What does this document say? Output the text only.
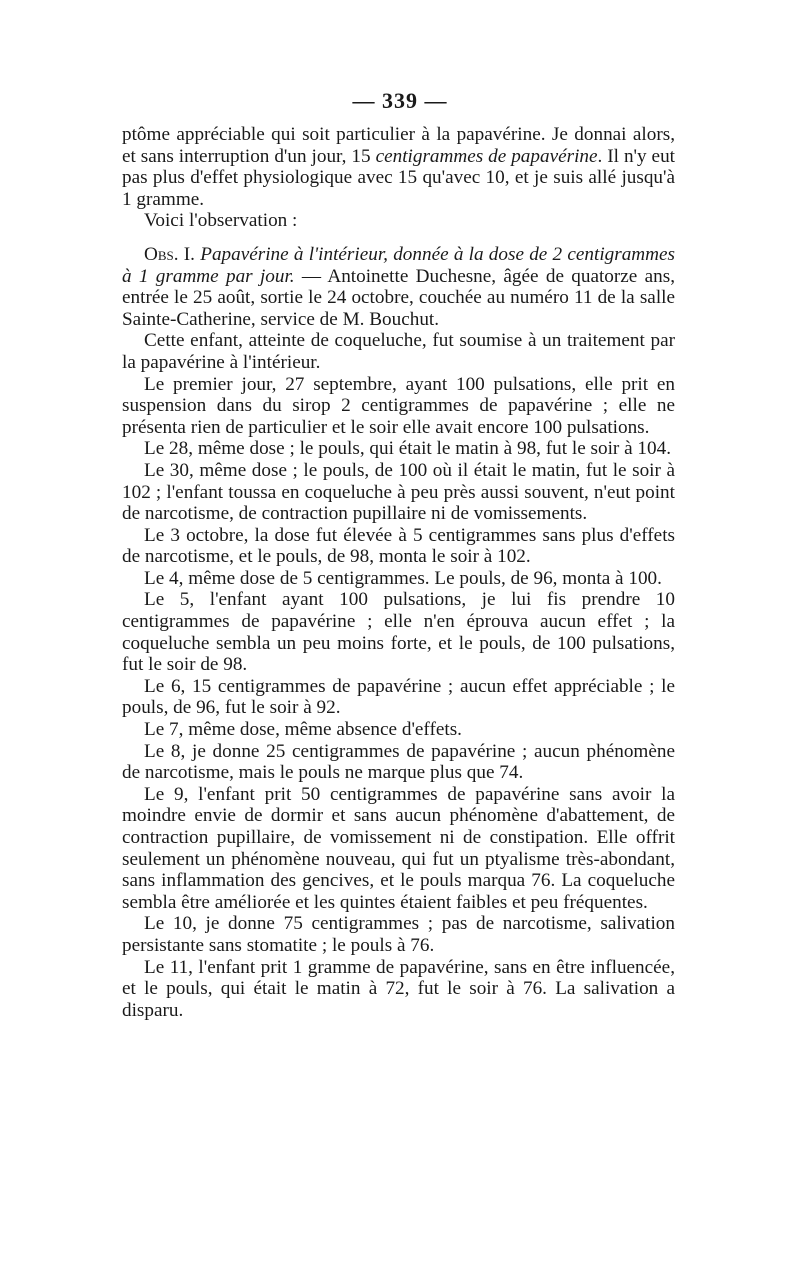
— 339 —

ptôme appréciable qui soit particulier à la papavérine. Je donnai alors, et sans interruption d'un jour, 15 centigrammes de papavérine. Il n'y eut pas plus d'effet physiologique avec 15 qu'avec 10, et je suis allé jusqu'à 1 gramme.

Voici l'observation :

Obs. I. Papavérine à l'intérieur, donnée à la dose de 2 centigrammes à 1 gramme par jour. — Antoinette Duchesne, âgée de quatorze ans, entrée le 25 août, sortie le 24 octobre, couchée au numéro 11 de la salle Sainte-Catherine, service de M. Bouchut.

Cette enfant, atteinte de coqueluche, fut soumise à un traitement par la papavérine à l'intérieur.

Le premier jour, 27 septembre, ayant 100 pulsations, elle prit en suspension dans du sirop 2 centigrammes de papavérine ; elle ne présenta rien de particulier et le soir elle avait encore 100 pulsations.

Le 28, même dose ; le pouls, qui était le matin à 98, fut le soir à 104.

Le 30, même dose ; le pouls, de 100 où il était le matin, fut le soir à 102 ; l'enfant toussa en coqueluche à peu près aussi souvent, n'eut point de narcotisme, de contraction pupillaire ni de vomissements.

Le 3 octobre, la dose fut élevée à 5 centigrammes sans plus d'effets de narcotisme, et le pouls, de 98, monta le soir à 102.

Le 4, même dose de 5 centigrammes. Le pouls, de 96, monta à 100.

Le 5, l'enfant ayant 100 pulsations, je lui fis prendre 10 centigrammes de papavérine ; elle n'en éprouva aucun effet ; la coqueluche sembla un peu moins forte, et le pouls, de 100 pulsations, fut le soir de 98.

Le 6, 15 centigrammes de papavérine ; aucun effet appréciable ; le pouls, de 96, fut le soir à 92.

Le 7, même dose, même absence d'effets.

Le 8, je donne 25 centigrammes de papavérine ; aucun phénomène de narcotisme, mais le pouls ne marque plus que 74.

Le 9, l'enfant prit 50 centigrammes de papavérine sans avoir la moindre envie de dormir et sans aucun phénomène d'abattement, de contraction pupillaire, de vomissement ni de constipation. Elle offrit seulement un phénomène nouveau, qui fut un ptyalisme très-abondant, sans inflammation des gencives, et le pouls marqua 76. La coqueluche sembla être améliorée et les quintes étaient faibles et peu fréquentes.

Le 10, je donne 75 centigrammes ; pas de narcotisme, salivation persistante sans stomatite ; le pouls à 76.

Le 11, l'enfant prit 1 gramme de papavérine, sans en être influencée, et le pouls, qui était le matin à 72, fut le soir à 76. La salivation a disparu.
